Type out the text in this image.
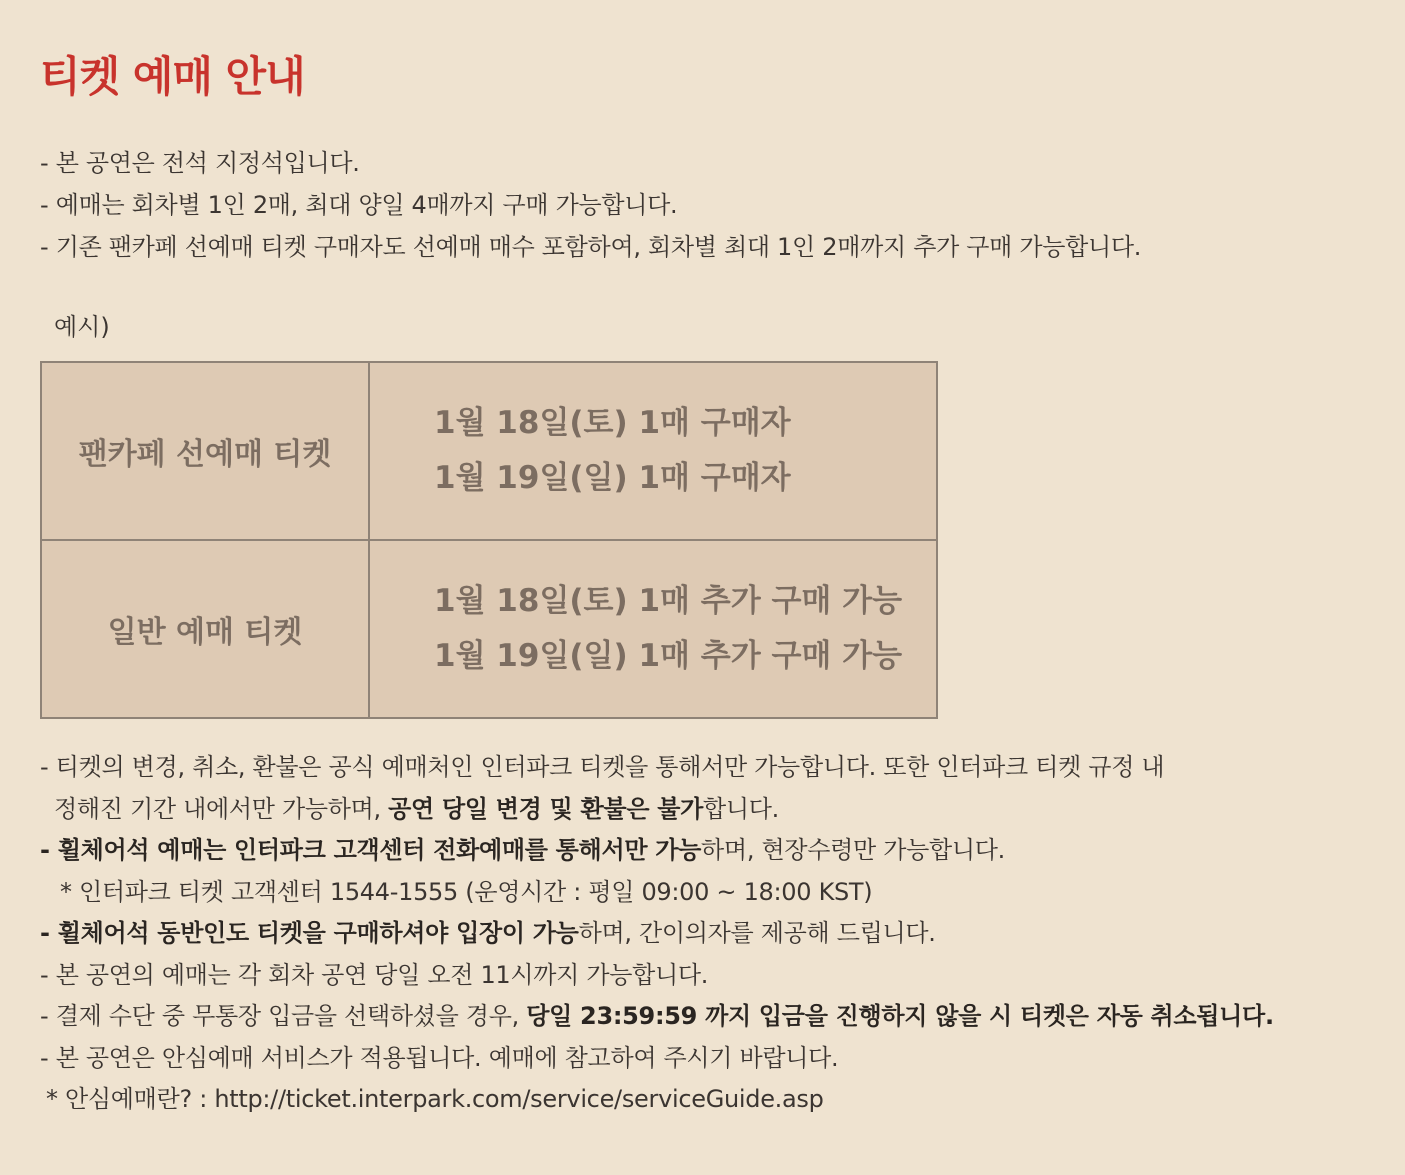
티켓 예매 안내
- 본 공연은 전석 지정석입니다.
- 예매는 회차별 1인 2매, 최대 양일 4매까지 구매 가능합니다.
- 기존 팬카페 선예매 티켓 구매자도 선예매 매수 포함하여, 회차별 최대 1인 2매까지 추가 구매 가능합니다.
예시)
팬카페 선예매 티켓	1월 18일(토) 1매 구매자
1월 19일(일) 1매 구매자

일반 예매 티켓	1월 18일(토) 1매 추가 구매 가능
1월 19일(일) 1매 추가 구매 가능
- 티켓의 변경, 취소, 환불은 공식 예매처인 인터파크 티켓을 통해서만 가능합니다. 또한 인터파크 티켓 규정 내
정해진 기간 내에서만 가능하며, 공연 당일 변경 및 환불은 불가합니다.
- 휠체어석 예매는 인터파크 고객센터 전화예매를 통해서만 가능하며, 현장수령만 가능합니다.
* 인터파크 티켓 고객센터 1544-1555 (운영시간 : 평일 09:00 ~ 18:00 KST)
- 휠체어석 동반인도 티켓을 구매하셔야 입장이 가능하며, 간이의자를 제공해 드립니다.
- 본 공연의 예매는 각 회차 공연 당일 오전 11시까지 가능합니다.
- 결제 수단 중 무통장 입금을 선택하셨을 경우, 당일 23:59:59 까지 입금을 진행하지 않을 시 티켓은 자동 취소됩니다.
- 본 공연은 안심예매 서비스가 적용됩니다. 예매에 참고하여 주시기 바랍니다.
* 안심예매란? : http://ticket.interpark.com/service/serviceGuide.asp
